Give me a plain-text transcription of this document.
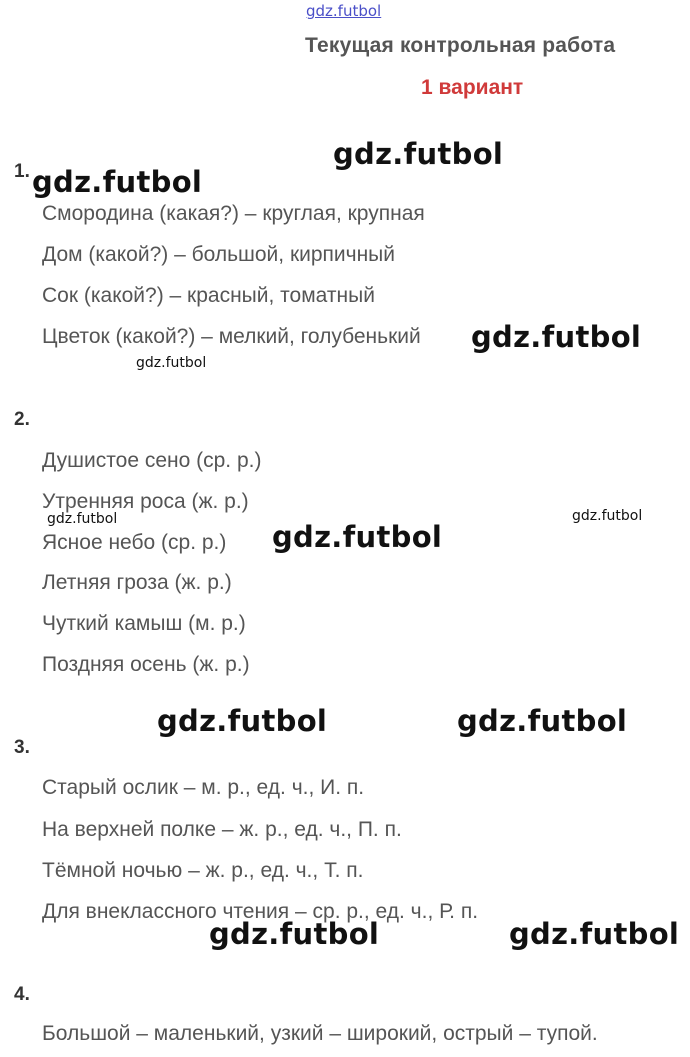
gdz.futbol
Текущая контрольная работа
1 вариант
1.
Смородина (какая?) – круглая, крупная
Дом (какой?) – большой, кирпичный
Сок (какой?) – красный, томатный
Цветок (какой?) – мелкий, голубенький
2.
Душистое сено (ср. р.)
Утренняя роса (ж. р.)
Ясное небо (ср. р.)
Летняя гроза (ж. р.)
Чуткий камыш (м. р.)
Поздняя осень (ж. р.)
3.
Старый ослик – м. р., ед. ч., И. п.
На верхней полке – ж. р., ед. ч., П. п.
Тёмной ночью – ж. р., ед. ч., Т. п.
Для внеклассного чтения – ср. р., ед. ч., Р. п.
4.
Большой – маленький, узкий – широкий, острый – тупой.
gdz.futbol
gdz.futbol
gdz.futbol
gdz.futbol
gdz.futbol	gdz.futbol
gdz.futbol
gdz.futbol	gdz.futbol
gdz.futbol	gdz.futbol
